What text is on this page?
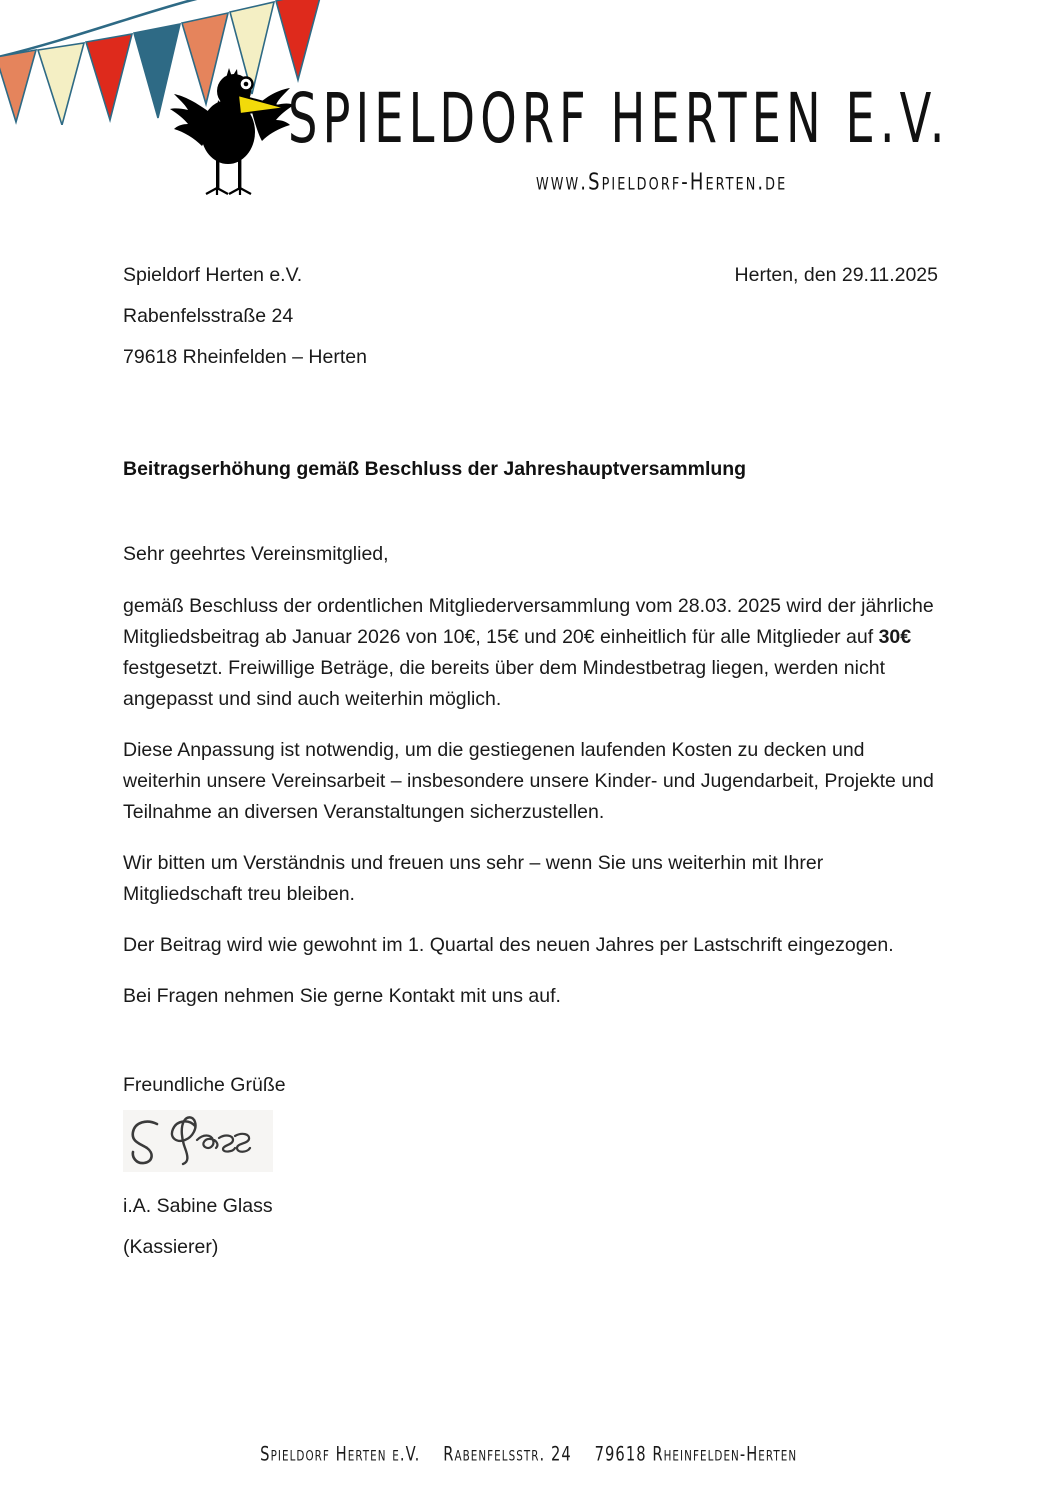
SPIELDORF HERTEN E.V.
www.Spieldorf-Herten.de
Spieldorf Herten e.V.	Herten, den 29.11.2025
Rabenfelsstraße 24
79618 Rheinfelden – Herten
Beitragserhöhung gemäß Beschluss der Jahreshauptversammlung
Sehr geehrtes Vereinsmitglied,

gemäß Beschluss der ordentlichen Mitgliederversammlung vom 28.03. 2025 wird der jährliche Mitgliedsbeitrag ab Januar 2026 von 10€, 15€ und 20€ einheitlich für alle Mitglieder auf 30€ festgesetzt. Freiwillige Beträge, die bereits über dem Mindestbetrag liegen, werden nicht angepasst und sind auch weiterhin möglich.

Diese Anpassung ist notwendig, um die gestiegenen laufenden Kosten zu decken und weiterhin unsere Vereinsarbeit – insbesondere unsere Kinder- und Jugendarbeit, Projekte und Teilnahme an diversen Veranstaltungen sicherzustellen.

Wir bitten um Verständnis und freuen uns sehr – wenn Sie uns weiterhin mit Ihrer Mitgliedschaft treu bleiben.

Der Beitrag wird wie gewohnt im 1. Quartal des neuen Jahres per Lastschrift eingezogen.

Bei Fragen nehmen Sie gerne Kontakt mit uns auf.

Freundliche Grüße
i.A. Sabine Glass
(Kassierer)
Spieldorf Herten e.V.    Rabenfelsstr. 24    79618 Rheinfelden-Herten
